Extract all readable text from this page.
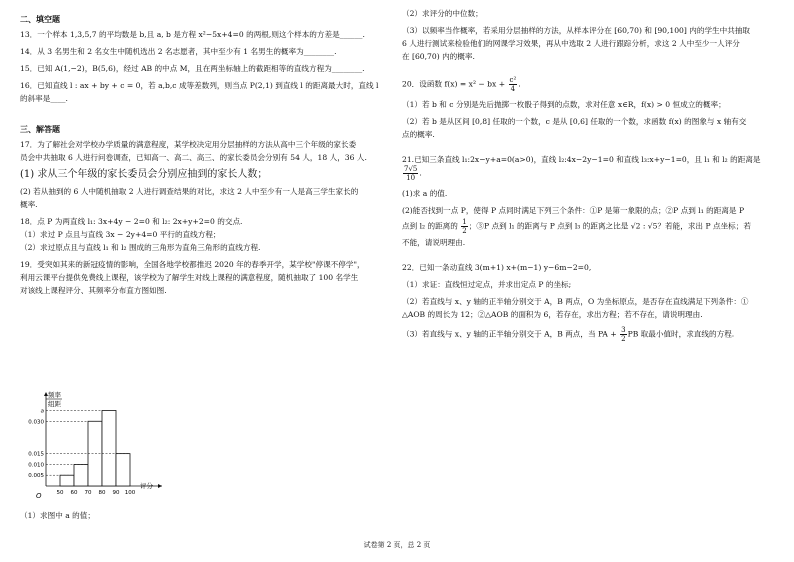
二、填空题
13．一个样本 1,3,5,7 的平均数是 b,且 a, b 是方程 x²−5x+4=0 的两根,则这个样本的方差是______.
14．从 3 名男生和 2 名女生中随机选出 2 名志愿者，其中至少有 1 名男生的概率为________.
15．已知 A(1,−2)，B(5,6)，经过 AB 的中点 M，且在两坐标轴上的截距相等的直线方程为________.
16．已知直线 l : ax + by + c = 0，若 a,b,c 成等差数列，则当点 P(2,1) 到直线 l 的距离最大时，直线 l
的斜率是____.
三、解答题
17．为了解社会对学校办学质量的满意程度，某学校决定用分层抽样的方法从高中三个年级的家长委
员会中共抽取 6 人进行问卷调查，已知高一、高二、高三、的家长委员会分别有 54 人，18 人，36 人.
(1) 求从三个年级的家长委员会分别应抽到的家长人数；
(2) 若从抽到的 6 人中随机抽取 2 人进行调查结果的对比，求这 2 人中至少有一人是高三学生家长的
概率.
18．点 P 为两直线 l₁: 3x+4y − 2=0 和 l₂: 2x+y+2=0 的交点.
（1）求过 P 点且与直线 3x − 2y+4=0 平行的直线方程；
（2）求过原点且与直线 l₁ 和 l₂ 围成的三角形为直角三角形的直线方程.
19．受突如其来的新冠疫情的影响，全国各地学校都推迟 2020 年的春季开学，某学校"停课不停学"，
利用云课平台提供免费线上课程，该学校为了解学生对线上课程的满意程度，随机抽取了 100 名学生
对该线上课程评分、其频率分布直方图如图.
（1）求图中 a 的值；
频率
组距
评分
O
0.005
0.010
0.015
0.030
a
50 60 70 80 90 100
（2）求评分的中位数；
（3）以频率当作概率，若采用分层抽样的方法，从样本评分在 [60,70) 和 [90,100] 内的学生中共抽取
6 人进行测试来检验他们的网课学习效果，再从中选取 2 人进行跟踪分析，求这 2 人中至少一人评分
在 [60,70) 内的概率.
20．设函数 f(x) = x² − bx + $\frac{\text{c²}}{4}$ .
（1）若 b 和 c 分别是先后抛掷一枚骰子得到的点数，求对任意 x∈R，f(x) > 0 恒成立的概率；
（2）若 b 是从区间 [0,8] 任取的一个数，c 是从 [0,6] 任取的一个数，求函数 f(x) 的图象与 x 轴有交
点的概率.
21.已知三条直线 l₁:2x−y+a=0(a>0)，直线 l₂:4x−2y−1=0 和直线 l₃:x+y−1=0，且 l₁ 和 l₂ 的距离是
$\frac{7√5}{10}$ .
(1)求 a 的值.
(2)能否找到一点 P，使得 P 点同时满足下列三个条件：①P 是第一象限的点；②P 点到 l₁ 的距离是 P
点到 l₂ 的距离的 $\frac{1}{2}$ ；③P 点到 l₁ 的距离与 P 点到 l₃ 的距离之比是 √2 : √5？若能，求出 P 点坐标；若
不能，请说明理由.
22．已知一条动直线 3(m+1) x+(m−1) y−6m−2=0,
（1）求证：直线恒过定点，并求出定点 P 的坐标;
（2）若直线与 x、y 轴的正半轴分别交于 A，B 两点，O 为坐标原点，是否存在直线满足下列条件：①
△AOB 的周长为 12；②△AOB 的面积为 6，若存在，求出方程；若不存在，请说明理由.
（3）若直线与 x、y 轴的正半轴分别交于 A，B 两点，当 PA + $\frac{3}{2}$ PB 取最小值时，求直线的方程.
试卷第 2 页，总 2 页
